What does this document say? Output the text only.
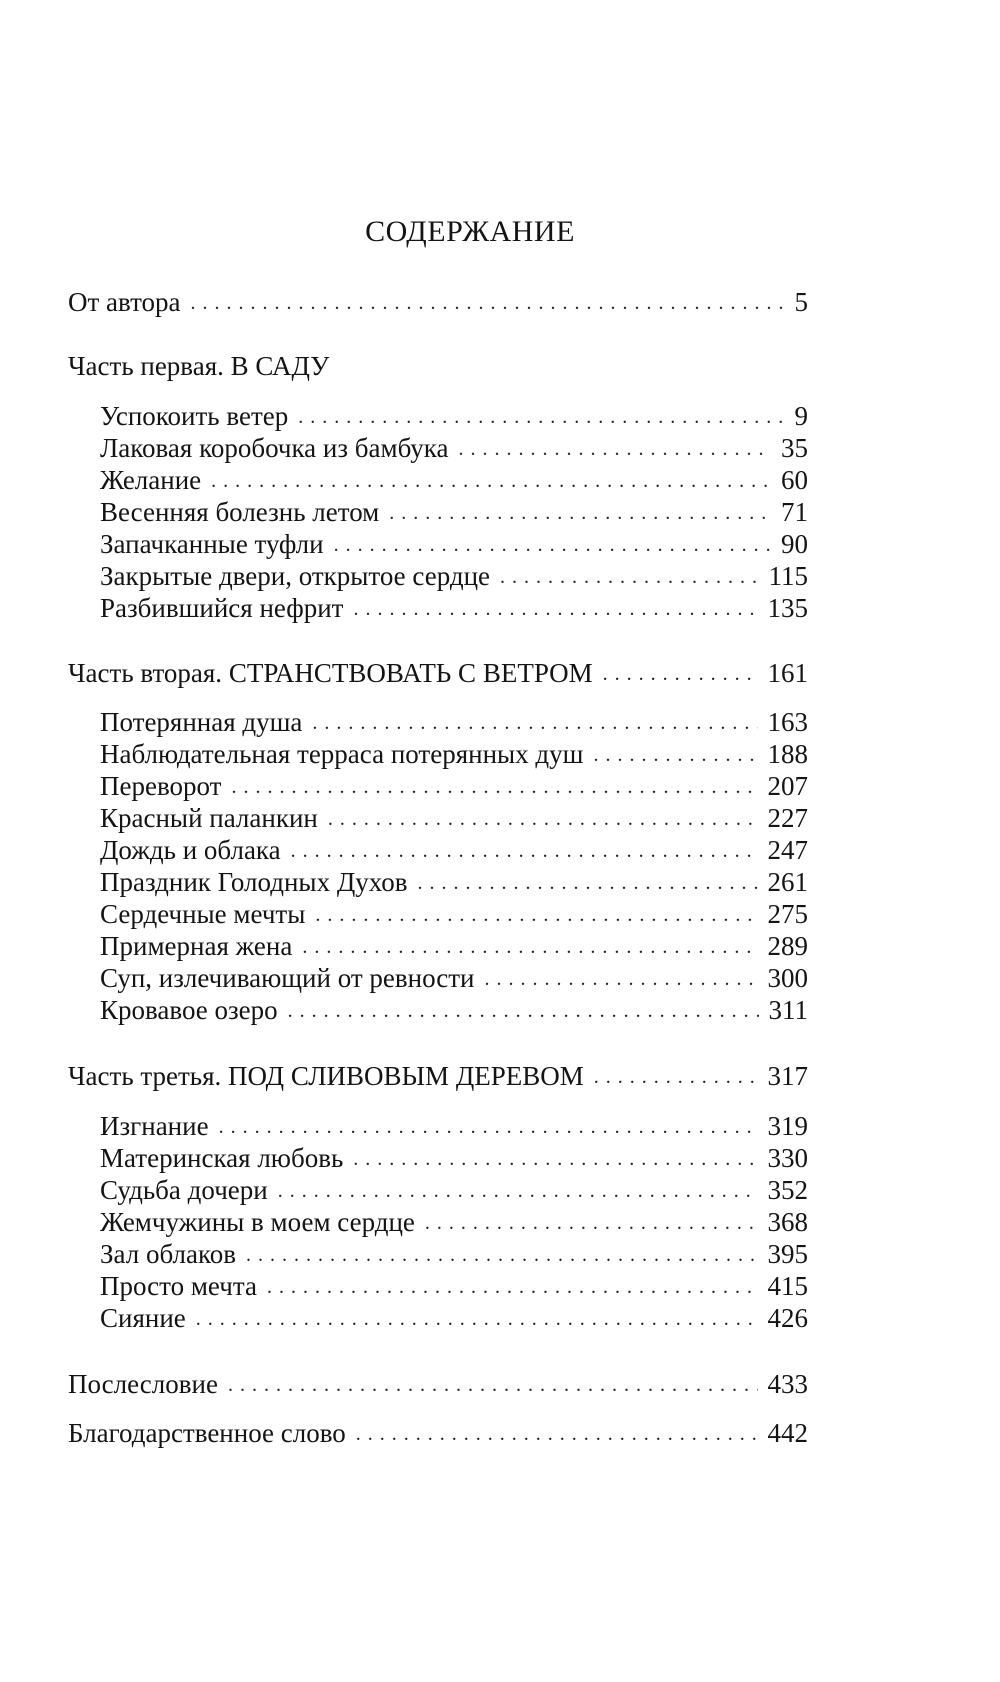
СОДЕРЖАНИЕ
От автора . . .	5
Часть первая. В САДУ
Успокоить ветер . . .	9
Лаковая коробочка из бамбука . . .	35
Желание . . .	60
Весенняя болезнь летом . . .	71
Запачканные туфли . . .	90
Закрытые двери, открытое сердце . . .	115
Разбившийся нефрит . . .	135
Часть вторая. СТРАНСТВОВАТЬ С ВЕТРОМ . . .	161
Потерянная душа . . .	163
Наблюдательная терраса потерянных душ . . .	188
Переворот . . .	207
Красный паланкин . . .	227
Дождь и облака . . .	247
Праздник Голодных Духов . . .	261
Сердечные мечты . . .	275
Примерная жена . . .	289
Суп, излечивающий от ревности . . .	300
Кровавое озеро . . .	311
Часть третья. ПОД СЛИВОВЫМ ДЕРЕВОМ . . .	317
Изгнание . . .	319
Материнская любовь . . .	330
Судьба дочери . . .	352
Жемчужины в моем сердце . . .	368
Зал облаков . . .	395
Просто мечта . . .	415
Сияние . . .	426
Послесловие . . .	433
Благодарственное слово . . .	442
